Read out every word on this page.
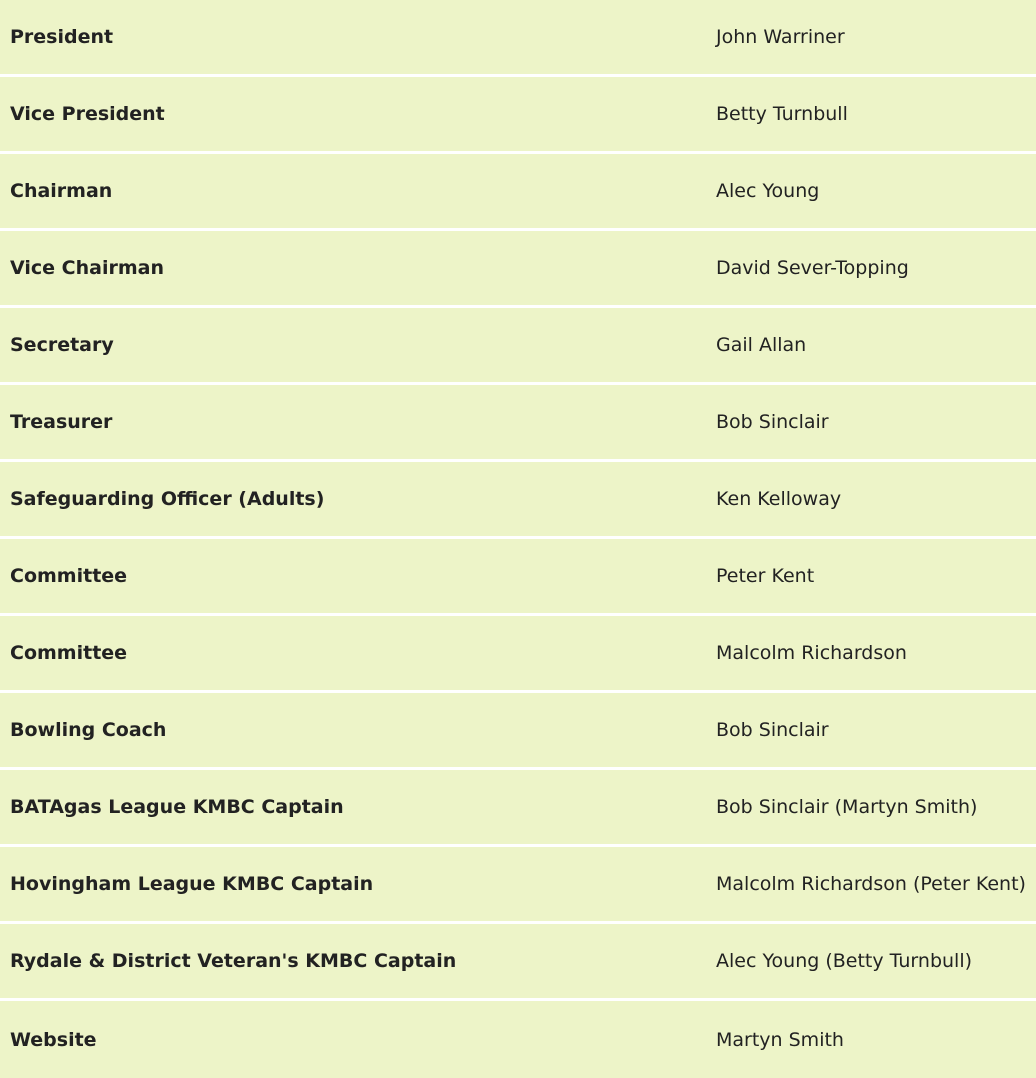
President	John Warriner
Vice President	Betty Turnbull
Chairman	Alec Young
Vice Chairman	David Sever-Topping
Secretary	Gail Allan
Treasurer	Bob Sinclair
Safeguarding Officer (Adults)	Ken Kelloway
Committee	Peter Kent
Committee	Malcolm Richardson
Bowling Coach	Bob Sinclair
BATAgas League KMBC Captain	Bob Sinclair (Martyn Smith)
Hovingham League KMBC Captain	Malcolm Richardson (Peter Kent)
Rydale & District Veteran's KMBC Captain	Alec Young (Betty Turnbull)
Website	Martyn Smith
